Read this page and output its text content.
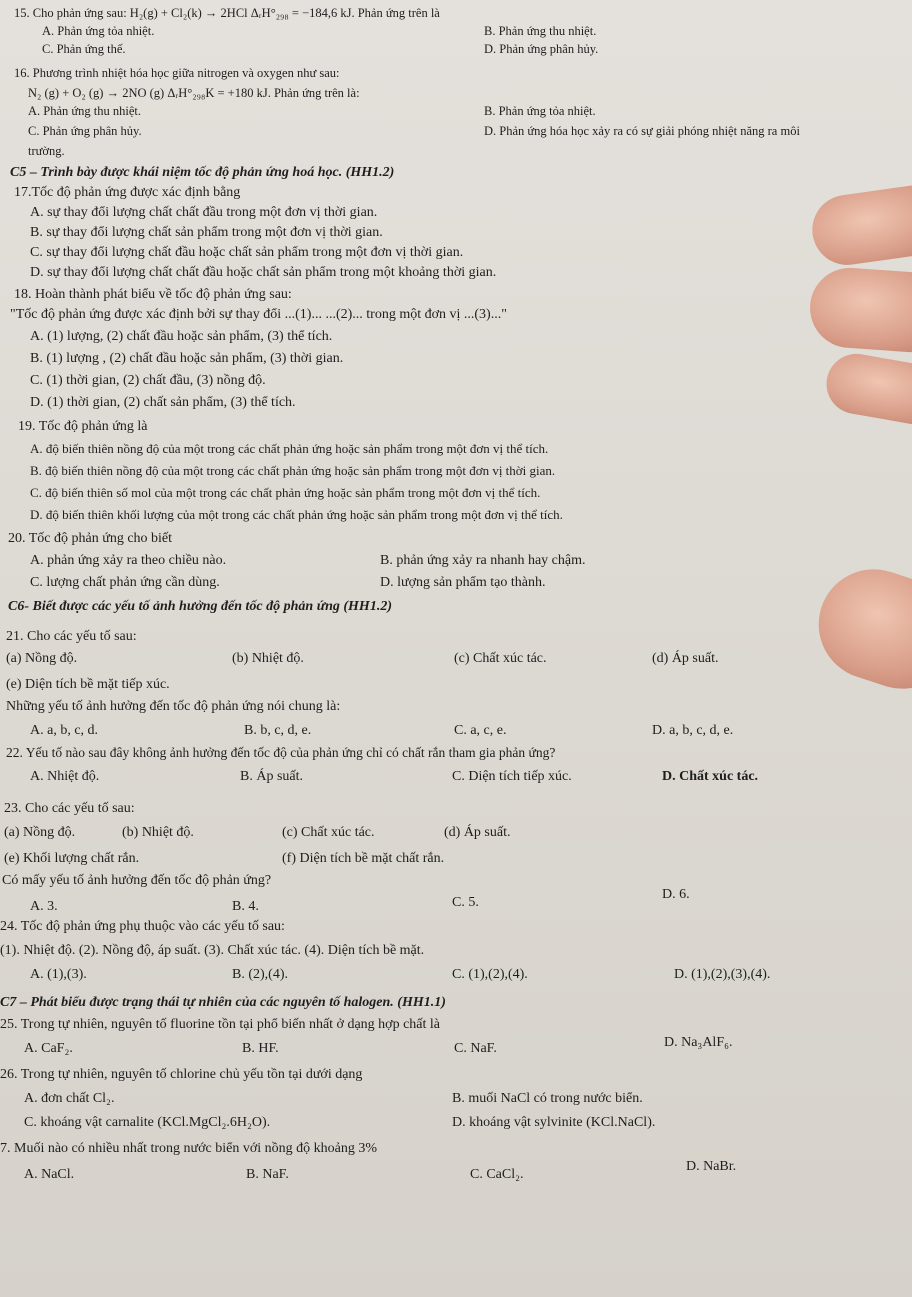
15. Cho phản ứng sau: H₂(g) + Cl₂(k) → 2HCl ΔᵣH°₂₉₈ = −184,6 kJ. Phản ứng trên là
A. Phản ứng tỏa nhiệt.	B. Phản ứng thu nhiệt.
C. Phản ứng thế.	D. Phản ứng phân hủy.
16. Phương trình nhiệt hóa học giữa nitrogen và oxygen như sau:
N₂ (g) + O₂ (g) → 2NO (g) ΔᵣH°₂₉₈K = +180 kJ. Phản ứng trên là:
A. Phản ứng thu nhiệt.	B. Phản ứng tỏa nhiệt.
C. Phản ứng phân hủy.	D. Phản ứng hóa học xảy ra có sự giải phóng nhiệt năng ra môi
trường.
C5 – Trình bày được khái niệm tốc độ phản ứng hoá học. (HH1.2)
17.Tốc độ phản ứng được xác định bằng
A. sự thay đổi lượng chất chất đầu trong một đơn vị thời gian.
B. sự thay đổi lượng chất sản phẩm trong một đơn vị thời gian.
C. sự thay đổi lượng chất đầu hoặc chất sản phẩm trong một đơn vị thời gian.
D. sự thay đổi lượng chất chất đầu hoặc chất sản phẩm trong một khoảng thời gian.
18. Hoàn thành phát biểu về tốc độ phản ứng sau:
"Tốc độ phản ứng được xác định bởi sự thay đổi ...(1)... ...(2)... trong một đơn vị ...(3)..."
A. (1) lượng, (2) chất đầu hoặc sản phẩm, (3) thể tích.
B. (1) lượng , (2) chất đầu hoặc sản phẩm, (3) thời gian.
C. (1) thời gian, (2) chất đầu, (3) nồng độ.
D. (1) thời gian, (2) chất sản phẩm, (3) thể tích.
19. Tốc độ phản ứng là
A. độ biến thiên nồng độ của một trong các chất phản ứng hoặc sản phẩm trong một đơn vị thể tích.
B. độ biến thiên nồng độ của một trong các chất phản ứng hoặc sản phẩm trong một đơn vị thời gian.
C. độ biến thiên số mol của một trong các chất phản ứng hoặc sản phẩm trong một đơn vị thể tích.
D. độ biến thiên khối lượng của một trong các chất phản ứng hoặc sản phẩm trong một đơn vị thể tích.
20. Tốc độ phản ứng cho biết
A. phản ứng xảy ra theo chiều nào.	B. phản ứng xảy ra nhanh hay chậm.
C. lượng chất phản ứng cần dùng.	D. lượng sản phẩm tạo thành.
C6- Biết được các yếu tố ảnh hưởng đến tốc độ phản ứng (HH1.2)
21. Cho các yếu tố sau:
(a) Nồng độ.	(b) Nhiệt độ.	(c) Chất xúc tác.	(d) Áp suất.
(e) Diện tích bề mặt tiếp xúc.
Những yếu tố ảnh hưởng đến tốc độ phản ứng nói chung là:
A. a, b, c, d.	B. b, c, d, e.	C. a, c, e.	D. a, b, c, d, e.
22. Yếu tố nào sau đây không ảnh hưởng đến tốc độ của phản ứng chỉ có chất rắn tham gia phản ứng?
A. Nhiệt độ.	B. Áp suất.	C. Diện tích tiếp xúc.	D. Chất xúc tác.
23. Cho các yếu tố sau:
(a) Nồng độ.	(b) Nhiệt độ.	(c) Chất xúc tác.	(d) Áp suất.
(e) Khối lượng chất rắn.	(f) Diện tích bề mặt chất rắn.
Có mấy yếu tố ảnh hưởng đến tốc độ phản ứng?
A. 3.	B. 4.	C. 5.
D. 6.
24. Tốc độ phản ứng phụ thuộc vào các yếu tố sau:
(1). Nhiệt độ. (2). Nồng độ, áp suất. (3). Chất xúc tác. (4). Diện tích bề mặt.
A. (1),(3).	B. (2),(4).	C. (1),(2),(4).	D. (1),(2),(3),(4).
C7 – Phát biểu được trạng thái tự nhiên của các nguyên tố halogen. (HH1.1)
25. Trong tự nhiên, nguyên tố fluorine tồn tại phổ biến nhất ở dạng hợp chất là
A. CaF₂.	B. HF.	C. NaF.	D. Na₃AlF₆.
26. Trong tự nhiên, nguyên tố chlorine chủ yếu tồn tại dưới dạng
A. đơn chất Cl₂.	B. muối NaCl có trong nước biển.
C. khoáng vật carnalite (KCl.MgCl₂.6H₂O).	D. khoáng vật sylvinite (KCl.NaCl).
7. Muối nào có nhiều nhất trong nước biển với nồng độ khoảng 3%
A. NaCl.	B. NaF.	C. CaCl₂.
D. NaBr.
